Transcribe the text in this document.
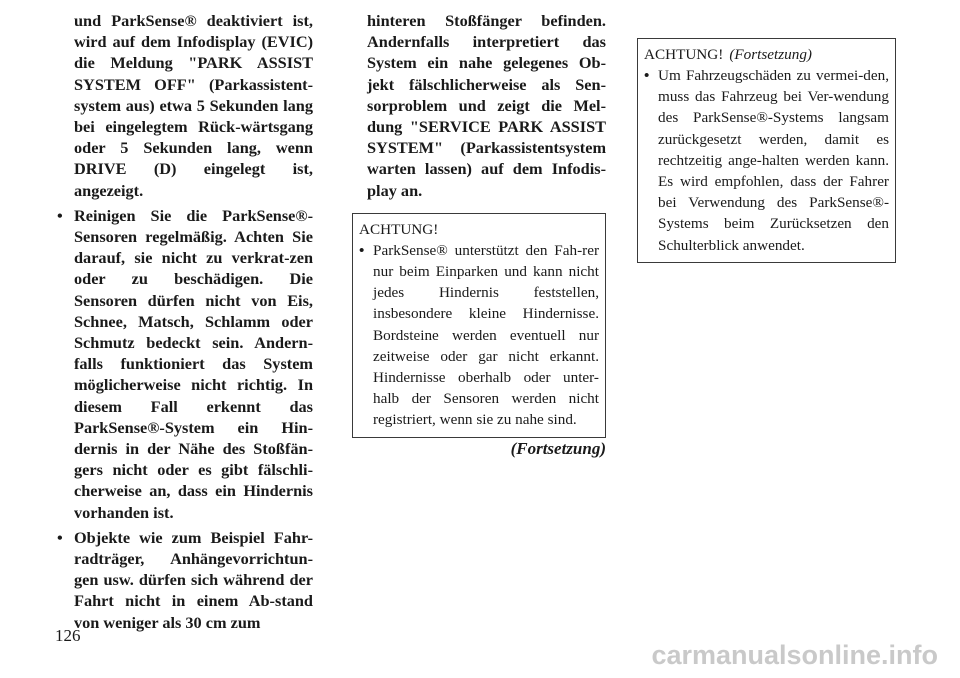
und ParkSense® deaktiviert ist, wird auf dem Infodisplay (EVIC) die Meldung "PARK ASSIST SYSTEM OFF" (Parkassistent-system aus) etwa 5 Sekunden lang bei eingelegtem Rück-wärtsgang oder 5 Sekunden lang, wenn DRIVE (D) eingelegt ist, angezeigt.
• Reinigen Sie die ParkSense®-Sensoren regelmäßig. Achten Sie darauf, sie nicht zu verkrat-zen oder zu beschädigen. Die Sensoren dürfen nicht von Eis, Schnee, Matsch, Schlamm oder Schmutz bedeckt sein. Andern-falls funktioniert das System möglicherweise nicht richtig. In diesem Fall erkennt das ParkSense®-System ein Hin-dernis in der Nähe des Stoßfän-gers nicht oder es gibt fälschli-cherweise an, dass ein Hindernis vorhanden ist.
• Objekte wie zum Beispiel Fahr-radträger, Anhängevorrichtun-gen usw. dürfen sich während der Fahrt nicht in einem Ab-stand von weniger als 30 cm zum
hinteren Stoßfänger befinden. Andernfalls interpretiert das System ein nahe gelegenes Ob-jekt fälschlicherweise als Sen-sorproblem und zeigt die Mel-dung "SERVICE PARK ASSIST SYSTEM" (Parkassistentsystem warten lassen) auf dem Infodis-play an.
ACHTUNG!
• ParkSense® unterstützt den Fah-rer nur beim Einparken und kann nicht jedes Hindernis feststellen, insbesondere kleine Hindernisse. Bordsteine werden eventuell nur zeitweise oder gar nicht erkannt. Hindernisse oberhalb oder unter-halb der Sensoren werden nicht registriert, wenn sie zu nahe sind.
(Fortsetzung)
ACHTUNG! (Fortsetzung)
• Um Fahrzeugschäden zu vermei-den, muss das Fahrzeug bei Ver-wendung des ParkSense®-Systems langsam zurückgesetzt werden, damit es rechtzeitig ange-halten werden kann. Es wird empfohlen, dass der Fahrer bei Verwendung des ParkSense®-Systems beim Zurücksetzen den Schulterblick anwendet.
126
carmanualsonline.info
